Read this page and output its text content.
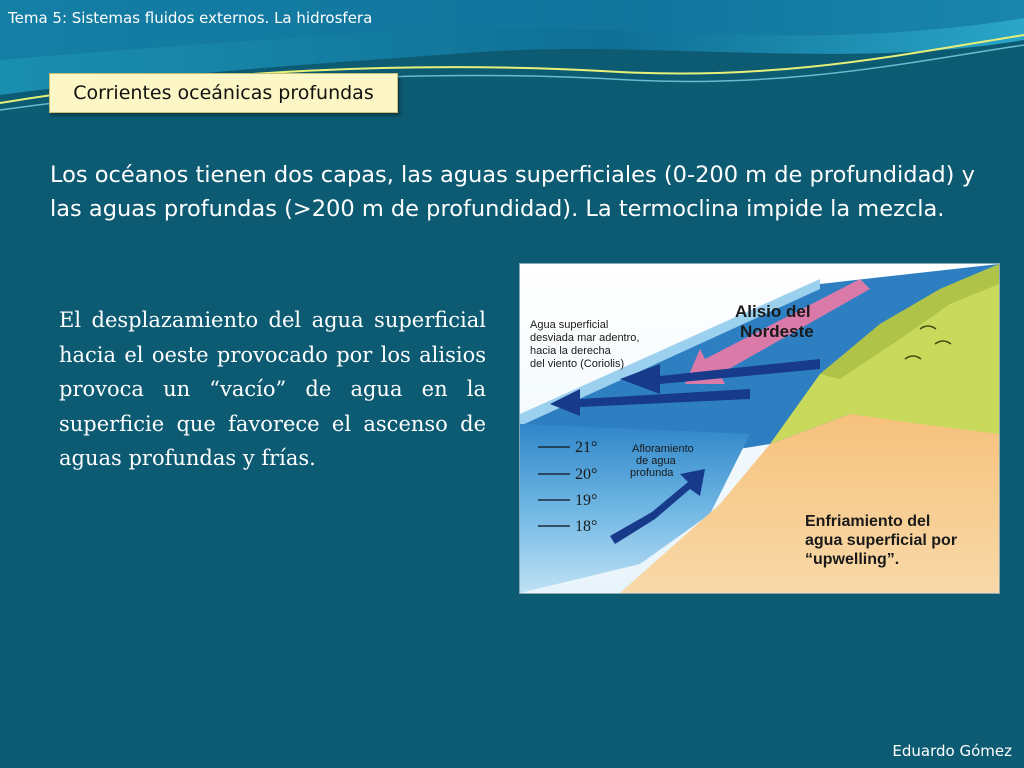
Tema 5: Sistemas fluidos externos. La hidrosfera
Corrientes oceánicas profundas
Los océanos tienen dos capas, las aguas superficiales (0-200 m de profundidad) y las aguas profundas (>200 m de profundidad). La termoclina impide la mezcla.
El desplazamiento del agua superficial hacia el oeste provocado por los alisios provoca un “vacío” de agua en la superficie que favorece el ascenso de aguas profundas y frías.
Alisio del
Nordeste
Agua superficial
desviada mar adentro,
hacia la derecha
del viento (Coriolis)
Afloramiento
de agua
profunda
21°
20°
19°
18°	Enfriamiento del
agua superficial por
“upwelling”.
Eduardo Gómez
